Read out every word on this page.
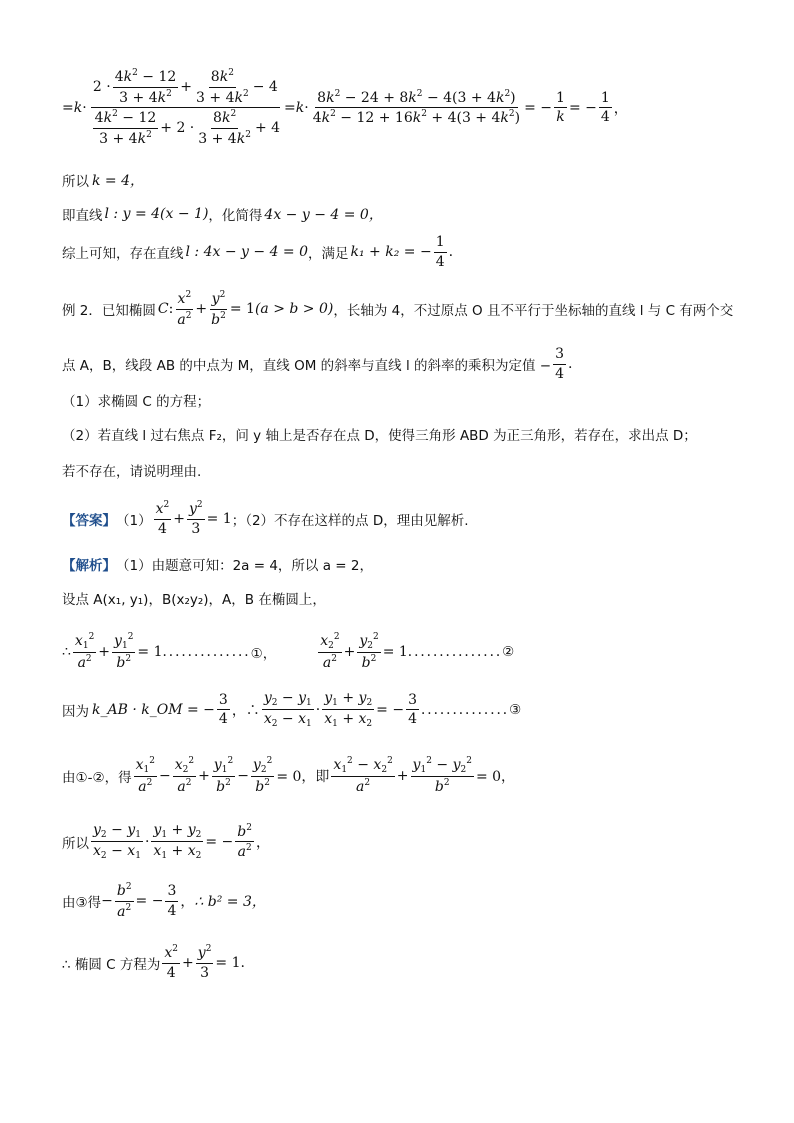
= k ·
$2 \cdot \frac{4k^2 - 12}{3 + 4k^2} + \frac{8k^2}{3 + 4k^2} - 4$
$\frac{4k^2 - 12}{3 + 4k^2} + 2 \cdot \frac{8k^2}{3 + 4k^2} + 4$
= $k \cdot \frac{8k^2 - 24 + 8k^2 - 4(3 + 4k^2)}{4k^2 - 12 + 16k^2 + 4(3 + 4k^2)}$ = − $\frac{1}{k}$ = − $\frac{1}{4}$ ，
所以 k = 4，
即直线 l : y = 4(x − 1) ，化简得 4x − y − 4 = 0，
综上可知，存在直线 l : 4x − y − 4 = 0 ，满足 k₁ + k₂ = − $\frac{1}{4}$ .
例 2．已知椭圆 C : $\frac{x^2}{a^2} + \frac{y^2}{b^2} = 1$ (a > b > 0) ，长轴为 4，不过原点 O 且不平行于坐标轴的直线 l 与 C 有两个交
点 A，B，线段 AB 的中点为 M，直线 OM 的斜率与直线 l 的斜率的乘积为定值 − $\frac{3}{4}$ .
（1）求椭圆 C 的方程；
（2）若直线 l 过右焦点 F₂，问 y 轴上是否存在点 D，使得三角形 ABD 为正三角形，若存在，求出点 D；
若不存在，请说明理由.
【答案】 $(1) \frac{x^2}{4} + \frac{y^2}{3} = 1$ ；（2）不存在这样的点 D，理由见解析.
【解析】 （1）由题意可知：2a = 4，所以 a = 2，
设点 A(x₁, y₁)，B(x₂y₂)，A，B 在椭圆上，
∴ $\frac{x_1^2}{a^2} + \frac{y_1^2}{b^2} = 1$ .............. ①，	$\frac{x_2^2}{a^2} + \frac{y_2^2}{b^2} = 1$ ............... ②
因为 k_AB · k_OM = − $\frac{3}{4}$ ，∴ $\frac{y_2 - y_1}{x_2 - x_1} \cdot \frac{y_1 + y_2}{x_1 + x_2}$ = − $\frac{3}{4}$ .............. ③
由①-②，得 $\frac{x_1^2}{a^2} - \frac{x_2^2}{a^2} + \frac{y_1^2}{b^2} - \frac{y_2^2}{b^2} = 0$，即 $\frac{x_1^2 - x_2^2}{a^2} + \frac{y_1^2 - y_2^2}{b^2} = 0$，
所以 $\frac{y_2 - y_1}{x_2 - x_1} \cdot \frac{y_1 + y_2}{x_1 + x_2}$ = − $\frac{b^2}{a^2}$ ，
由③得 − $\frac{b^2}{a^2}$ = − $\frac{3}{4}$ ， ∴ b² = 3，
∴ 椭圆 C 方程为 $\frac{x^2}{4} + \frac{y^2}{3} = 1$.
